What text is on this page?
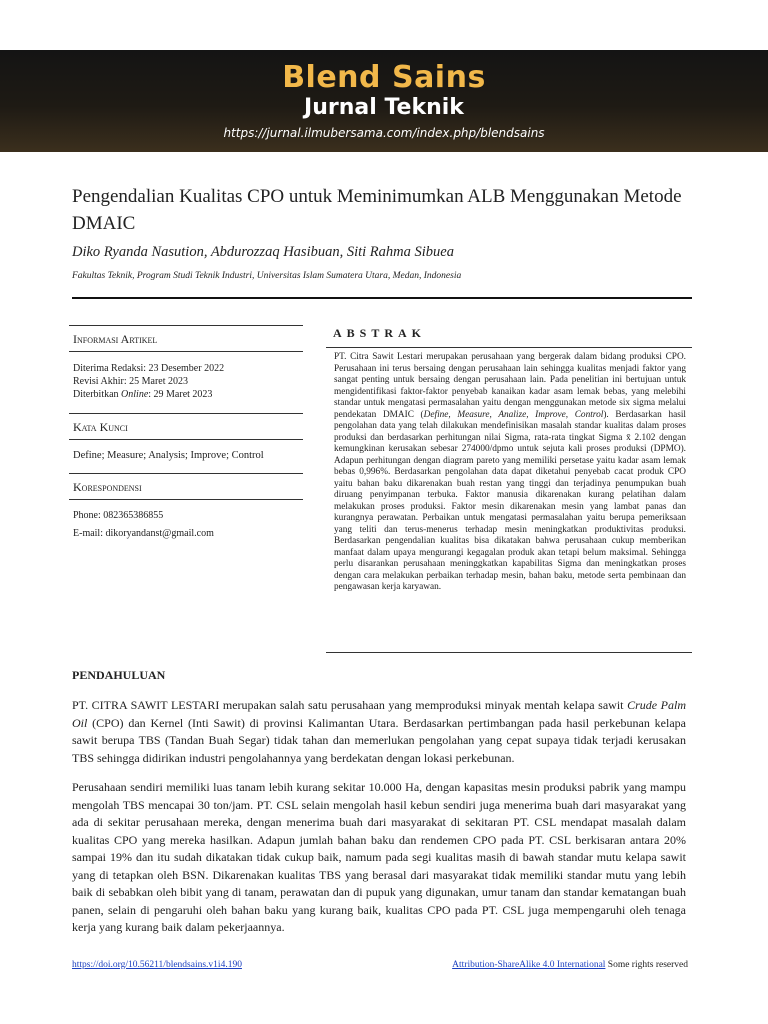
Blend Sains
Jurnal Teknik
https://jurnal.ilmubersama.com/index.php/blendsains
Pengendalian Kualitas CPO untuk Meminimumkan ALB Menggunakan Metode DMAIC
Diko Ryanda Nasution, Abdurozzaq Hasibuan, Siti Rahma Sibuea
Fakultas Teknik, Program Studi Teknik Industri, Universitas Islam Sumatera Utara, Medan, Indonesia
Informasi Artikel
Diterima Redaksi: 23 Desember 2022
Revisi Akhir: 25 Maret 2023
Diterbitkan Online: 29 Maret 2023
Kata Kunci
Define; Measure; Analysis; Improve; Control
Korespondensi
Phone: 082365386855
E-mail: dikoryandanst@gmail.com
ABSTRAK
PT. Citra Sawit Lestari merupakan perusahaan yang bergerak dalam bidang produksi CPO. Perusahaan ini terus bersaing dengan perusahaan lain sehingga kualitas menjadi faktor yang sangat penting untuk bersaing dengan perusahaan lain. Pada penelitian ini bertujuan untuk mengidentifikasi faktor-faktor penyebab kanaikan kadar asam lemak bebas, yang melebihi standar untuk mengatasi permasalahan yaitu dengan menggunakan metode six sigma melalui pendekatan DMAIC (Define, Measure, Analize, Improve, Control). Berdasarkan hasil pengolahan data yang telah dilakukan mendefinisikan masalah standar kualitas dalam proses produksi dan berdasarkan perhitungan nilai Sigma, rata-rata tingkat Sigma x̄ 2.102 dengan kemungkinan kerusakan sebesar 274000/dpmo untuk sejuta kali proses produksi (DPMO). Adapun perhitungan dengan diagram pareto yang memiliki persetase yaitu kadar asam lemak bebas 0,996%. Berdasarkan pengolahan data dapat diketahui penyebab cacat produk CPO yaitu bahan baku dikarenakan buah restan yang tinggi dan terjadinya penumpukan buah diruang penyimpanan terbuka. Faktor manusia dikarenakan kurang pelatihan dalam melakukan proses produksi. Faktor mesin dikarenakan mesin yang lambat panas dan kurangnya perawatan. Perbaikan untuk mengatasi permasalahan yaitu berupa pemeriksaan yang teliti dan terus-menerus terhadap mesin meningkatkan produktivitas produksi. Berdasarkan pengendalian kualitas bisa dikatakan bahwa perusahaan cukup memberikan manfaat dalam upaya mengurangi kegagalan produk akan tetapi belum maksimal. Sehingga perlu disarankan perusahaan meninggkatkan kapabilitas Sigma dan meningkatkan proses dengan cara melakukan perbaikan terhadap mesin, bahan baku, metode serta pembinaan dan pengawasan kerja karyawan.
PENDAHULUAN

PT. CITRA SAWIT LESTARI merupakan salah satu perusahaan yang memproduksi minyak mentah kelapa sawit Crude Palm Oil (CPO) dan Kernel (Inti Sawit) di provinsi Kalimantan Utara. Berdasarkan pertimbangan pada hasil perkebunan kelapa sawit berupa TBS (Tandan Buah Segar) tidak tahan dan memerlukan pengolahan yang cepat supaya tidak terjadi kerusakan TBS sehingga didirikan industri pengolahannya yang berdekatan dengan lokasi perkebunan.

Perusahaan sendiri memiliki luas tanam lebih kurang sekitar 10.000 Ha, dengan kapasitas mesin produksi pabrik yang mampu mengolah TBS mencapai 30 ton/jam. PT. CSL selain mengolah hasil kebun sendiri juga menerima buah dari masyarakat yang ada di sekitar perusahaan mereka, dengan menerima buah dari masyarakat di sekitaran PT. CSL mendapat masalah dalam kualitas CPO yang mereka hasilkan. Adapun jumlah bahan baku dan rendemen CPO pada PT. CSL berkisaran antara 20% sampai 19% dan itu sudah dikatakan tidak cukup baik, namum pada segi kualitas masih di bawah standar mutu kelapa sawit yang di tetapkan oleh BSN. Dikarenakan kualitas TBS yang berasal dari masyarakat tidak memiliki standar mutu yang lebih baik di sebabkan oleh bibit yang di tanam, perawatan dan di pupuk yang digunakan, umur tanam dan standar kematangan buah panen, selain di pengaruhi oleh bahan baku yang kurang baik, kualitas CPO pada PT. CSL juga mempengaruhi oleh tenaga kerja yang kurang baik dalam pekerjaannya.

https://doi.org/10.56211/blendsains.v1i4.190	Attribution-ShareAlike 4.0 International Some rights reserved
